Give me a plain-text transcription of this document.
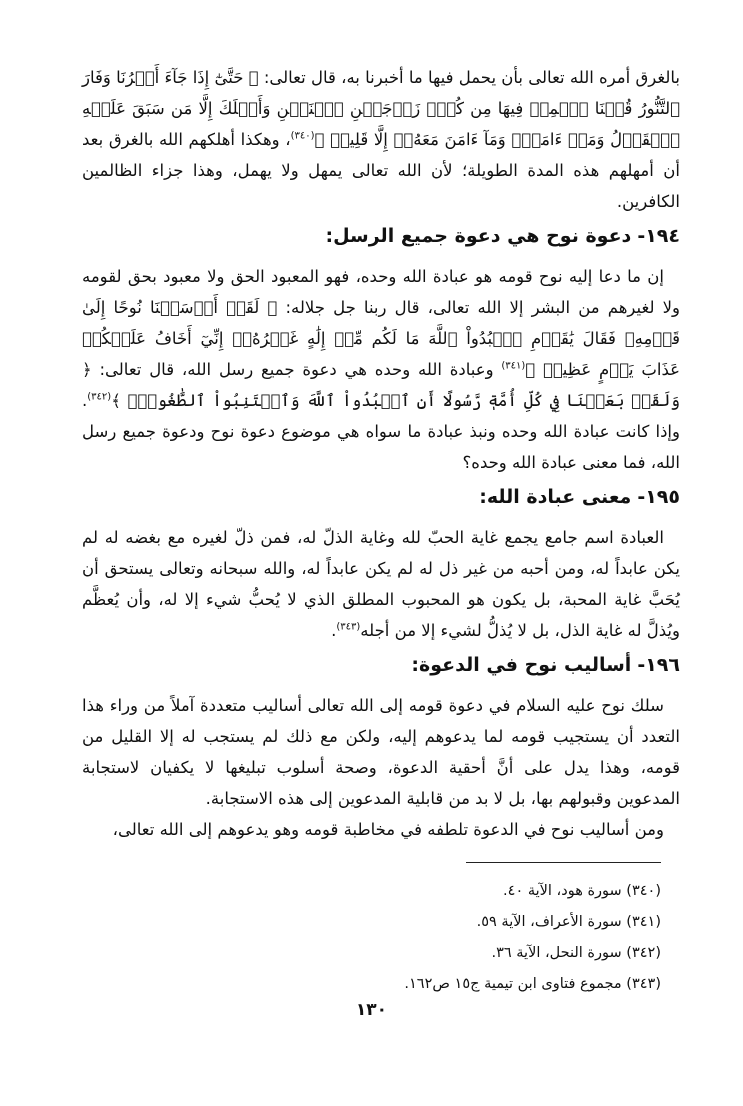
بالغرق أمره الله تعالى بأن يحمل فيها ما أخبرنا به، قال تعالى: ﴿ حَتَّىٰٓ إِذَا جَآءَ أَمۡرُنَا وَفَارَ ٱلتَّنُّورُ قُلۡنَا ٱحۡمِلۡ فِيهَا مِن كُلّٖ زَوۡجَيۡنِ ٱثۡنَيۡنِ وَأَهۡلَكَ إِلَّا مَن سَبَقَ عَلَيۡهِ ٱلۡقَوۡلُ وَمَنۡ ءَامَنَۚ وَمَآ ءَامَنَ مَعَهُۥٓ إِلَّا قَلِيلٞ ﴾$^{(٣٤٠)}$، وهكذا أهلكهم الله بالغرق بعد أن أمهلهم هذه المدة الطويلة؛ لأن الله تعالى يمهل ولا يهمل، وهذا جزاء الظالمين الكافرين.

١٩٤-دعوة نوح هي دعوة جميع الرسل:

إن ما دعا إليه نوح قومه هو عبادة الله وحده، فهو المعبود الحق ولا معبود بحق لقومه ولا لغيرهم من البشر إلا الله تعالى، قال ربنا جل جلاله: ﴿ لَقَدۡ أَرۡسَلۡنَا نُوحًا إِلَىٰ قَوۡمِهِۦ فَقَالَ يَٰقَوۡمِ ٱعۡبُدُواْ ٱللَّهَ مَا لَكُم مِّنۡ إِلَٰهٍ غَيۡرُهُۥٓ إِنِّيٓ أَخَافُ عَلَيۡكُمۡ عَذَابَ يَوۡمٍ عَظِيمٖ ﴾$^{(٣٤١)}$ وعبادة الله وحده هي دعوة جميع رسل الله، قال تعالى: ﴿ وَلَقَدۡ بَعَثۡنَا فِي كُلِّ أُمَّةٖ رَّسُولًا أَنِ ٱعۡبُدُواْ ٱللَّهَ وَٱجۡتَنِبُواْ ٱلطَّٰغُوتَۖ ﴾$^{(٣٤٢)}$. وإذا كانت عبادة الله وحده ونبذ عبادة ما سواه هي موضوع دعوة نوح ودعوة جميع رسل الله، فما معنى عبادة الله وحده؟

١٩٥-معنى عبادة الله:

العبادة اسم جامع يجمع غاية الحبّ لله وغاية الذلّ له، فمن ذلّ لغيره مع بغضه له لم يكن عابداً له، ومن أحبه من غير ذل له لم يكن عابداً له، والله سبحانه وتعالى يستحق أن يُحَبَّ غاية المحبة، بل يكون هو المحبوب المطلق الذي لا يُحبُّ شيء إلا له، وأن يُعظَّم ويُذلَّ له غاية الذل، بل لا يُذلُّ لشيء إلا من أجله$^{(٣٤٣)}$.

١٩٦-أساليب نوح في الدعوة:

سلك نوح عليه السلام في دعوة قومه إلى الله تعالى أساليب متعددة آملاً من وراء هذا التعدد أن يستجيب قومه لما يدعوهم إليه، ولكن مع ذلك لم يستجب له إلا القليل من قومه، وهذا يدل على أنَّ أحقية الدعوة، وصحة أسلوب تبليغها لا يكفيان لاستجابة المدعوين وقبولهم بها، بل لا بد من قابلية المدعوين إلى هذه الاستجابة.

ومن أساليب نوح في الدعوة تلطفه في مخاطبة قومه وهو يدعوهم إلى الله تعالى،

(٣٤٠) سورة هود، الآية ٤٠.

(٣٤١) سورة الأعراف، الآية ٥٩.

(٣٤٢) سورة النحل، الآية ٣٦.

(٣٤٣) مجموع فتاوى ابن تيمية ج١٥ ص١٦٢.

١٣٠
